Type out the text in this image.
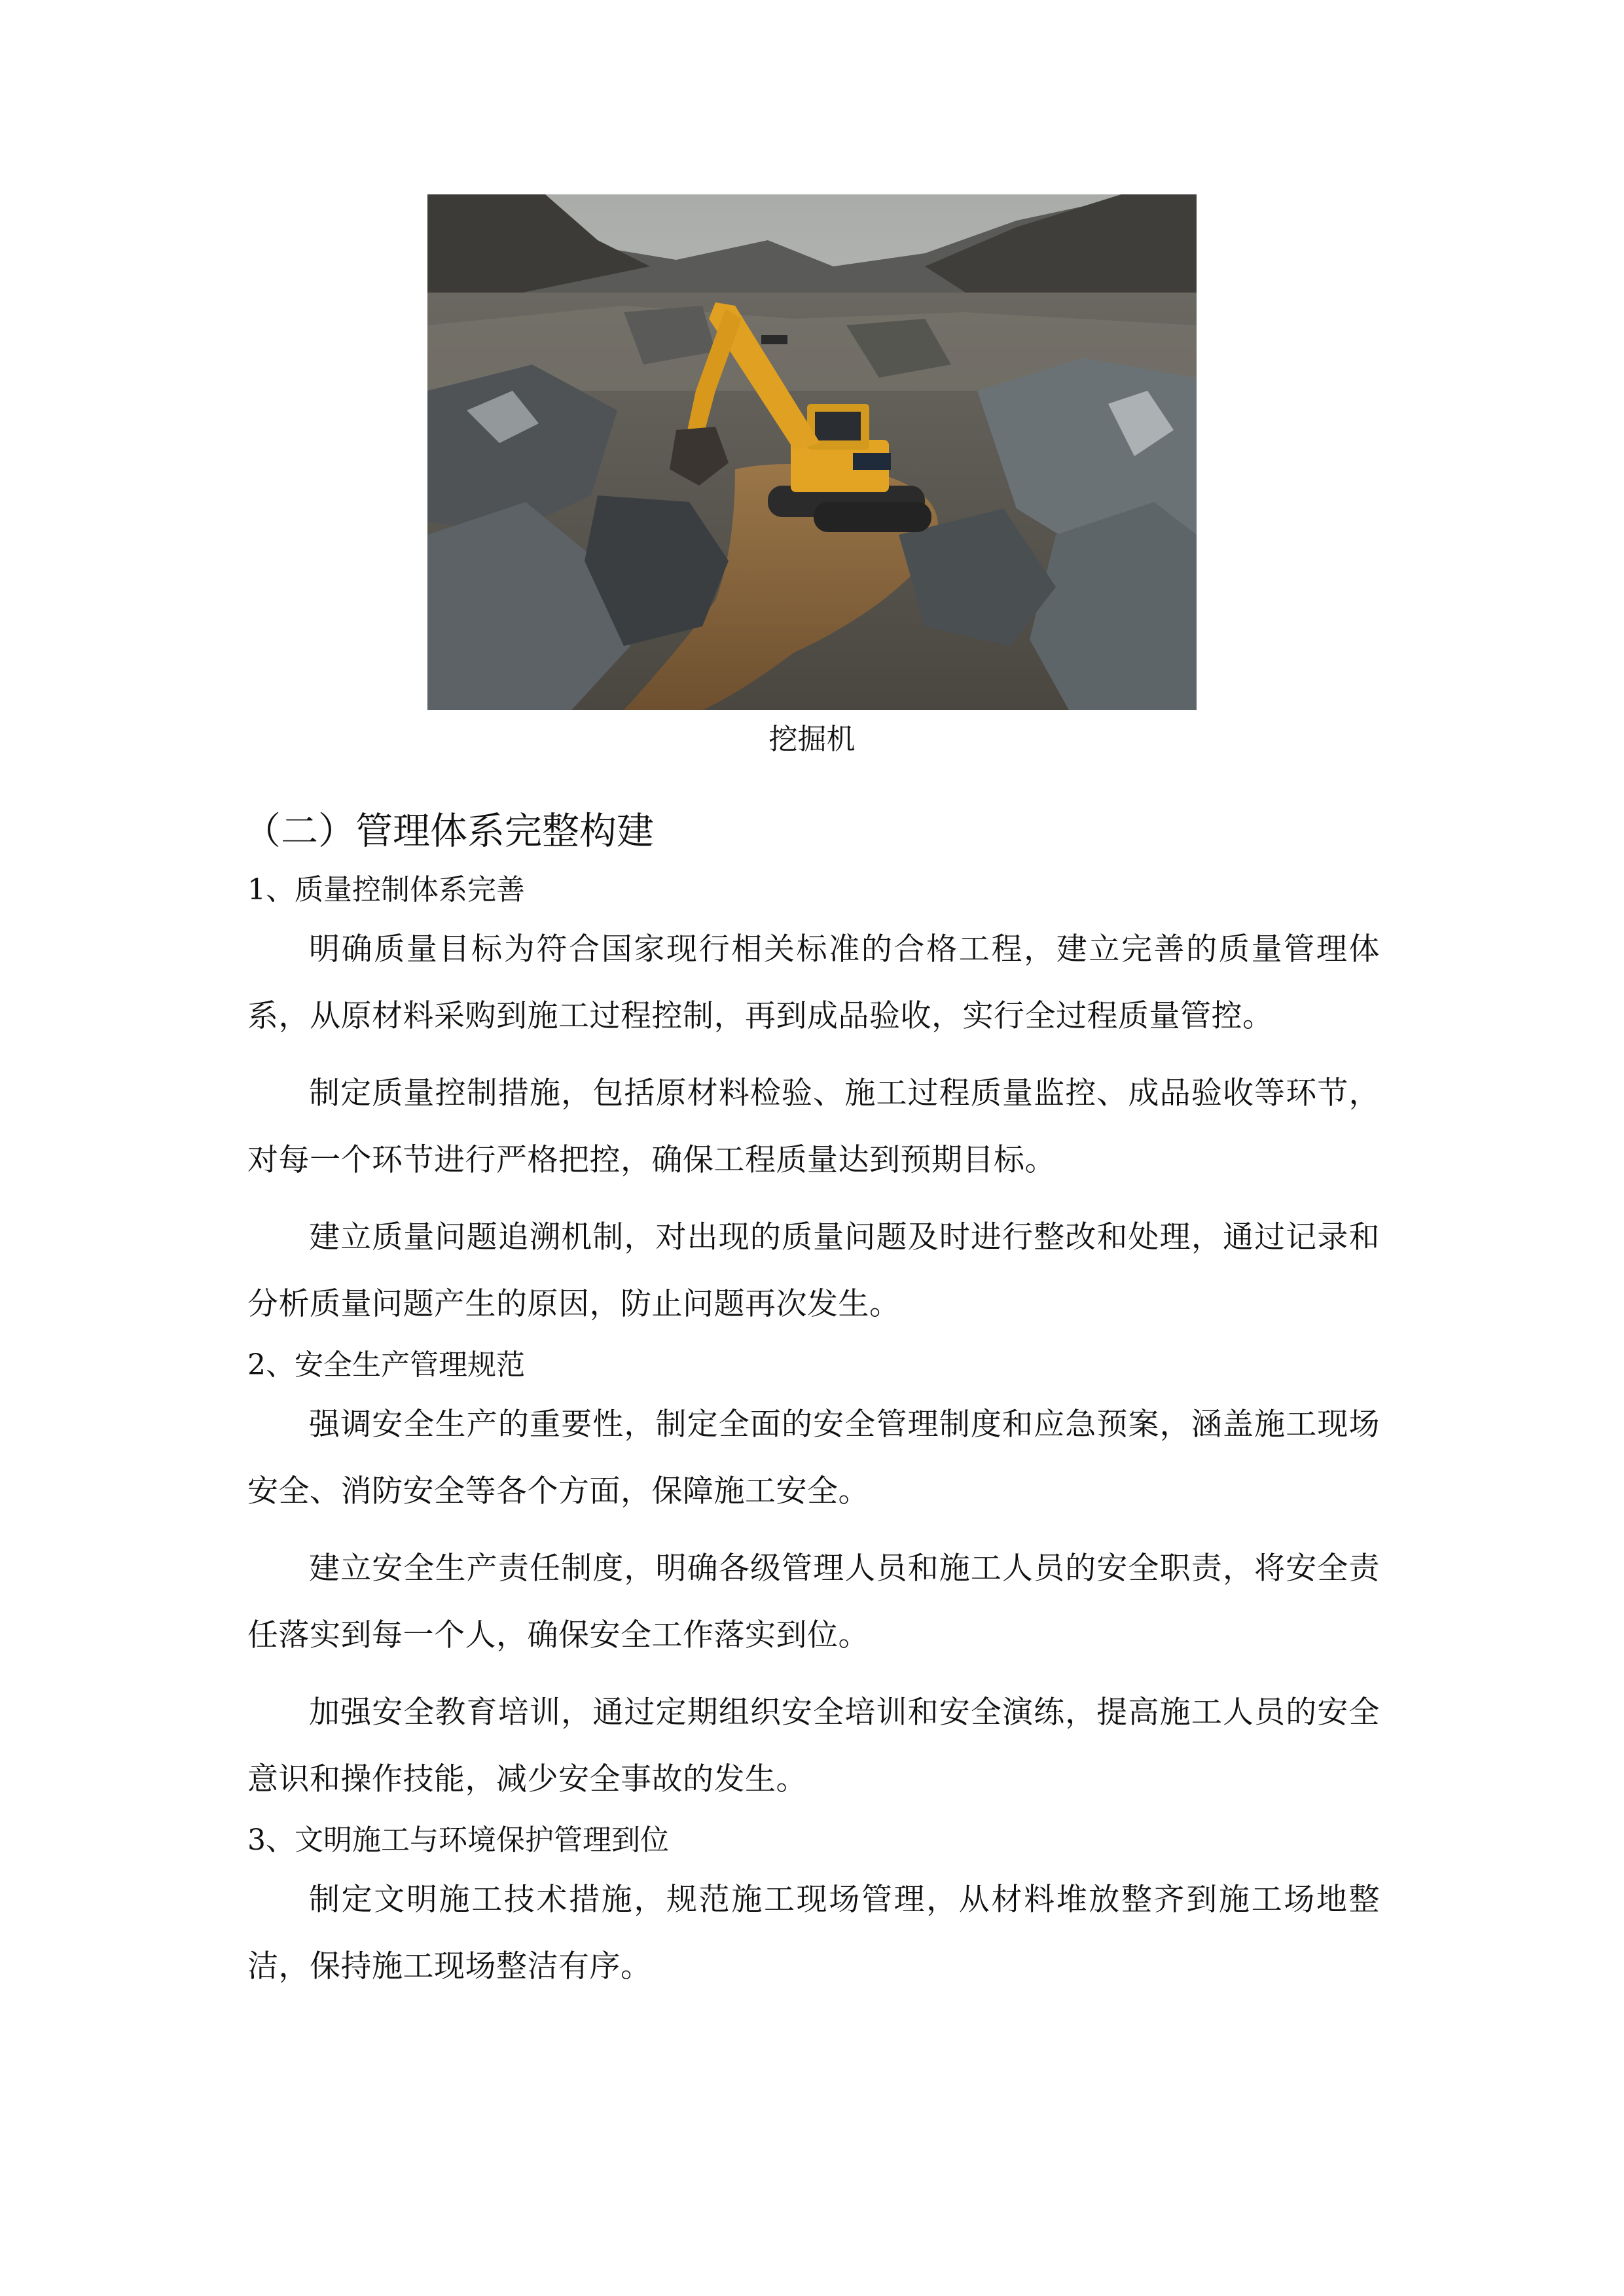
挖掘机
（二）管理体系完整构建
1、质量控制体系完善
明确质量目标为符合国家现行相关标准的合格工程，建立完善的质量管理体系，从原材料采购到施工过程控制，再到成品验收，实行全过程质量管控。
制定质量控制措施，包括原材料检验、施工过程质量监控、成品验收等环节，对每一个环节进行严格把控，确保工程质量达到预期目标。
建立质量问题追溯机制，对出现的质量问题及时进行整改和处理，通过记录和分析质量问题产生的原因，防止问题再次发生。
2、安全生产管理规范
强调安全生产的重要性，制定全面的安全管理制度和应急预案，涵盖施工现场安全、消防安全等各个方面，保障施工安全。
建立安全生产责任制度，明确各级管理人员和施工人员的安全职责，将安全责任落实到每一个人，确保安全工作落实到位。
加强安全教育培训，通过定期组织安全培训和安全演练，提高施工人员的安全意识和操作技能，减少安全事故的发生。
3、文明施工与环境保护管理到位
制定文明施工技术措施，规范施工现场管理，从材料堆放整齐到施工场地整洁，保持施工现场整洁有序。
